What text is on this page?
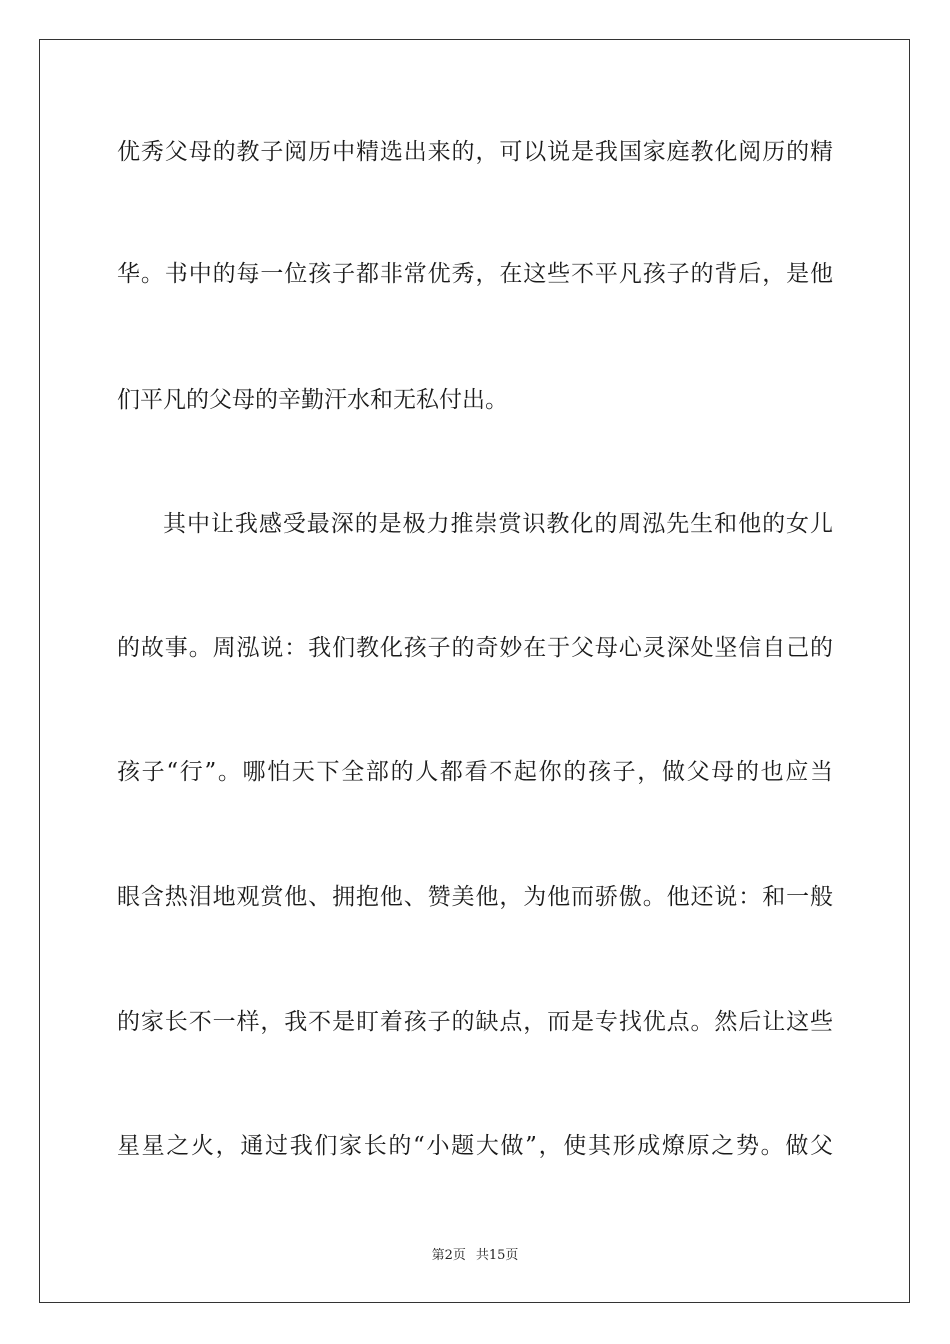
优秀父母的教子阅历中精选出来的，可以说是我国家庭教化阅历的精
华。书中的每一位孩子都非常优秀，在这些不平凡孩子的背后，是他
们平凡的父母的辛勤汗水和无私付出。
其中让我感受最深的是极力推崇赏识教化的周泓先生和他的女儿
的故事。周泓说：我们教化孩子的奇妙在于父母心灵深处坚信自己的
孩子“行”。哪怕天下全部的人都看不起你的孩子，做父母的也应当
眼含热泪地观赏他、拥抱他、赞美他，为他而骄傲。他还说：和一般
的家长不一样，我不是盯着孩子的缺点，而是专找优点。然后让这些
星星之火，通过我们家长的“小题大做”，使其形成燎原之势。做父
第2页 共15页
